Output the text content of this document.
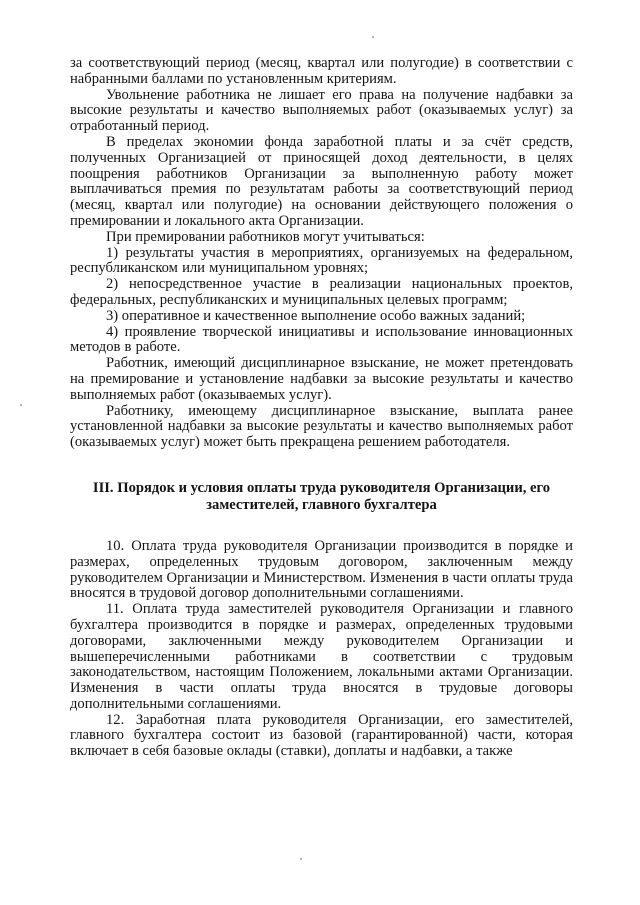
за соответствующий период (месяц, квартал или полугодие) в соответствии с набранными баллами по установленным критериям.

Увольнение работника не лишает его права на получение надбавки за высокие результаты и качество выполняемых работ (оказываемых услуг) за отработанный период.

В пределах экономии фонда заработной платы и за счёт средств, полученных Организацией от приносящей доход деятельности, в целях поощрения работников Организации за выполненную работу может выплачиваться премия по результатам работы за соответствующий период (месяц, квартал или полугодие) на основании действующего положения о премировании и локального акта Организации.

При премировании работников могут учитываться:

1) результаты участия в мероприятиях, организуемых на федеральном, республиканском или муниципальном уровнях;

2) непосредственное участие в реализации национальных проектов, федеральных, республиканских и муниципальных целевых программ;

3) оперативное и качественное выполнение особо важных заданий;

4) проявление творческой инициативы и использование инновационных методов в работе.

Работник, имеющий дисциплинарное взыскание, не может претендовать на премирование и установление надбавки за высокие результаты и качество выполняемых работ (оказываемых услуг).

Работнику, имеющему дисциплинарное взыскание, выплата ранее установленной надбавки за высокие результаты и качество выполняемых работ (оказываемых услуг) может быть прекращена решением работодателя.

III. Порядок и условия оплаты труда руководителя Организации, его
заместителей, главного бухгалтера

10. Оплата труда руководителя Организации производится в порядке и размерах, определенных трудовым договором, заключенным между руководителем Организации и Министерством. Изменения в части оплаты труда вносятся в трудовой договор дополнительными соглашениями.

11. Оплата труда заместителей руководителя Организации и главного бухгалтера производится в порядке и размерах, определенных трудовыми договорами, заключенными между руководителем Организации и вышеперечисленными работниками в соответствии с трудовым законодательством, настоящим Положением, локальными актами Организации. Изменения в части оплаты труда вносятся в трудовые договоры дополнительными соглашениями.

12. Заработная плата руководителя Организации, его заместителей, главного бухгалтера состоит из базовой (гарантированной) части, которая включает в себя базовые оклады (ставки), доплаты и надбавки, а также
